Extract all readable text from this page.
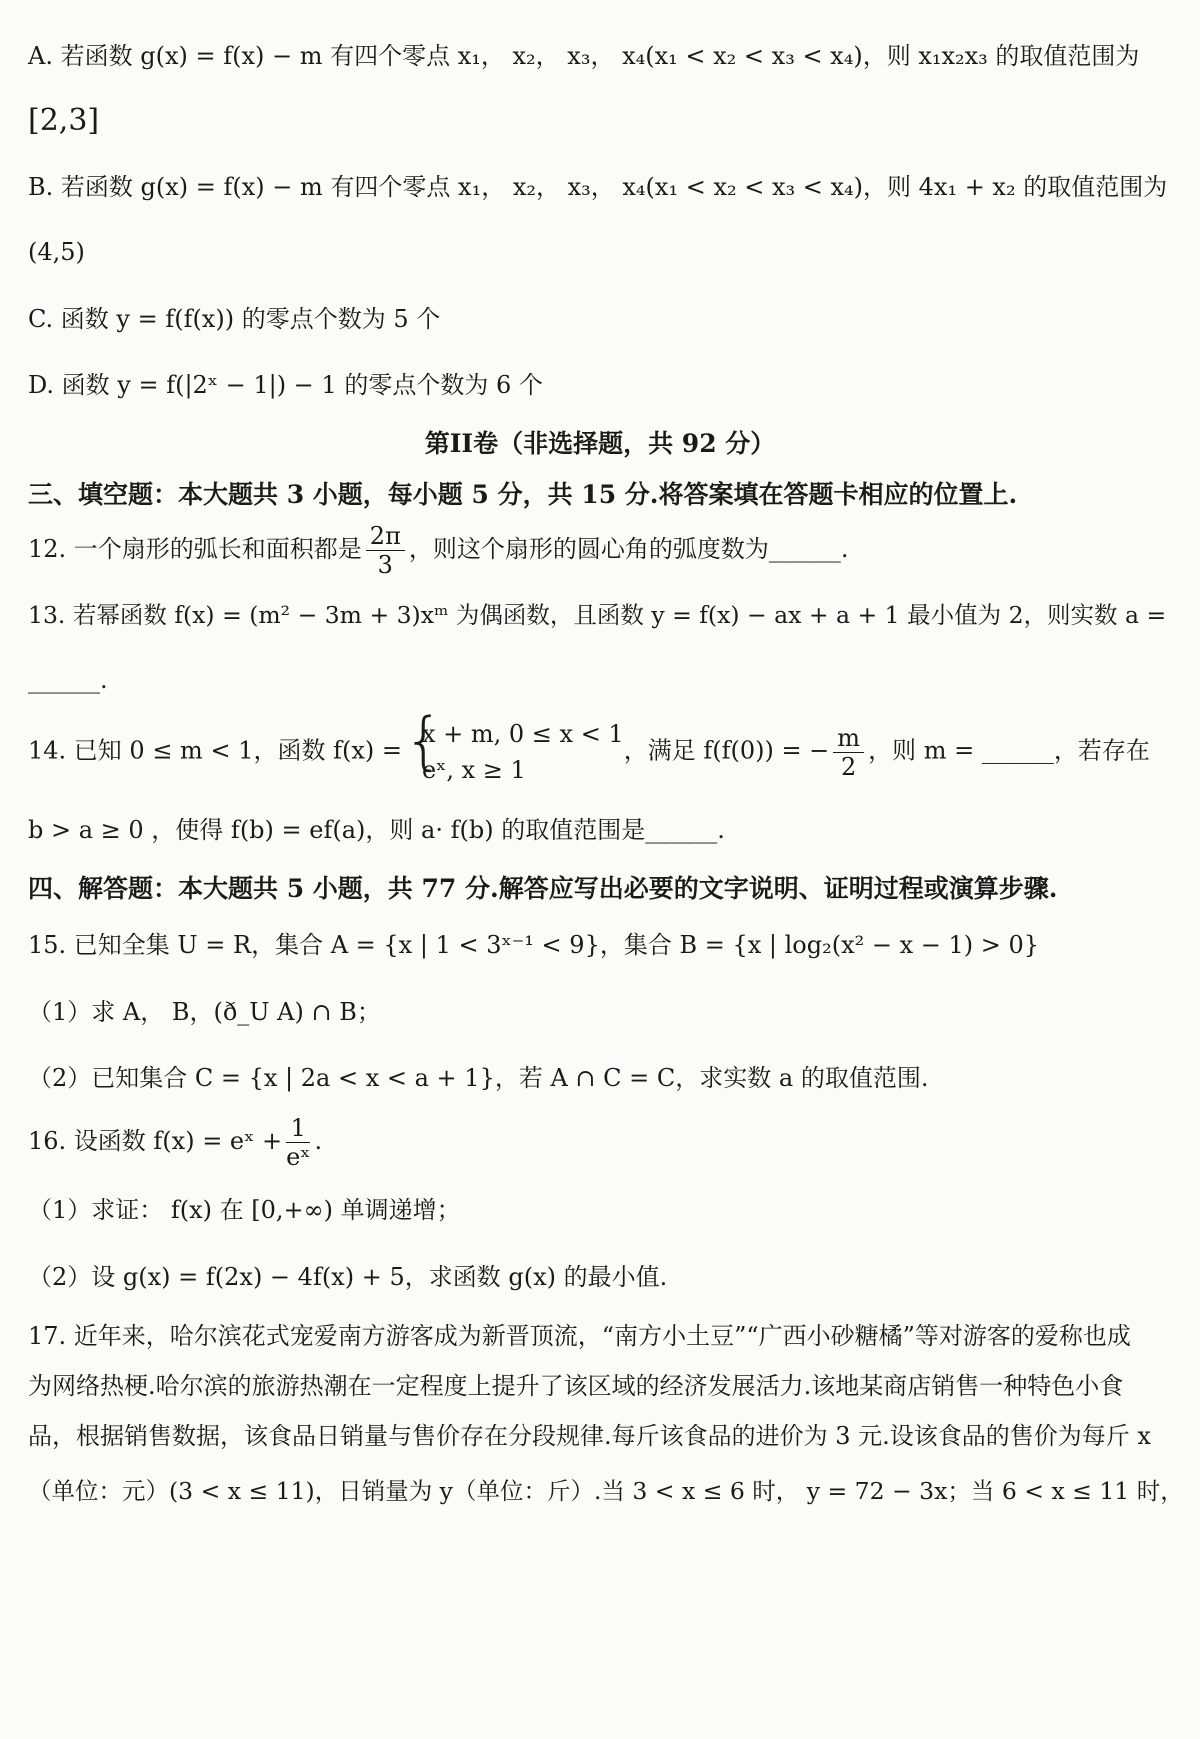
A. 若函数 g(x) = f(x) − m 有四个零点 x₁， x₂， x₃， x₄(x₁ < x₂ < x₃ < x₄)，则 x₁x₂x₃ 的取值范围为
[2,3]
B. 若函数 g(x) = f(x) − m 有四个零点 x₁， x₂， x₃， x₄(x₁ < x₂ < x₃ < x₄)，则 4x₁ + x₂ 的取值范围为
(4,5)
C. 函数 y = f(f(x)) 的零点个数为 5 个
D. 函数 y = f(|2ˣ − 1|) − 1 的零点个数为 6 个
第II卷（非选择题，共 92 分）
三、填空题：本大题共 3 小题，每小题 5 分，共 15 分.将答案填在答题卡相应的位置上.
12. 一个扇形的弧长和面积都是 $\frac{2\pi}{3}$ ，则这个扇形的圆心角的弧度数为______.
13. 若幂函数 f(x) = (m² − 3m + 3)xᵐ 为偶函数，且函数 y = f(x) − ax + a + 1 最小值为 2，则实数 a =
______.
14. 已知 0 ≤ m < 1，函数 f(x) = {
x + m, 0 ≤ x < 1
eˣ, x ≥ 1
，满足 f(f(0)) = − $\frac{m}{2}$ ，则 m = ______，若存在
b > a ≥ 0 ，使得 f(b) = ef(a)，则 a· f(b) 的取值范围是______.
四、解答题：本大题共 5 小题，共 77 分.解答应写出必要的文字说明、证明过程或演算步骤.
15. 已知全集 U = R，集合 A = {x | 1 < 3ˣ⁻¹ < 9}，集合 B = {x | log₂(x² − x − 1) > 0}
（1）求 A， B，(ð_U A) ∩ B；
（2）已知集合 C = {x | 2a < x < a + 1}，若 A ∩ C = C，求实数 a 的取值范围.
16. 设函数 f(x) = eˣ + $\frac{1}{\text{eˣ}}$ .
（1）求证： f(x) 在 [0,+∞) 单调递增；
（2）设 g(x) = f(2x) − 4f(x) + 5，求函数 g(x) 的最小值.
17. 近年来，哈尔滨花式宠爱南方游客成为新晋顶流，“南方小土豆”“广西小砂糖橘”等对游客的爱称也成
为网络热梗.哈尔滨的旅游热潮在一定程度上提升了该区域的经济发展活力.该地某商店销售一种特色小食
品，根据销售数据，该食品日销量与售价存在分段规律.每斤该食品的进价为 3 元.设该食品的售价为每斤 x
（单位：元）(3 < x ≤ 11)，日销量为 y（单位：斤）.当 3 < x ≤ 6 时， y = 72 − 3x；当 6 < x ≤ 11 时，
